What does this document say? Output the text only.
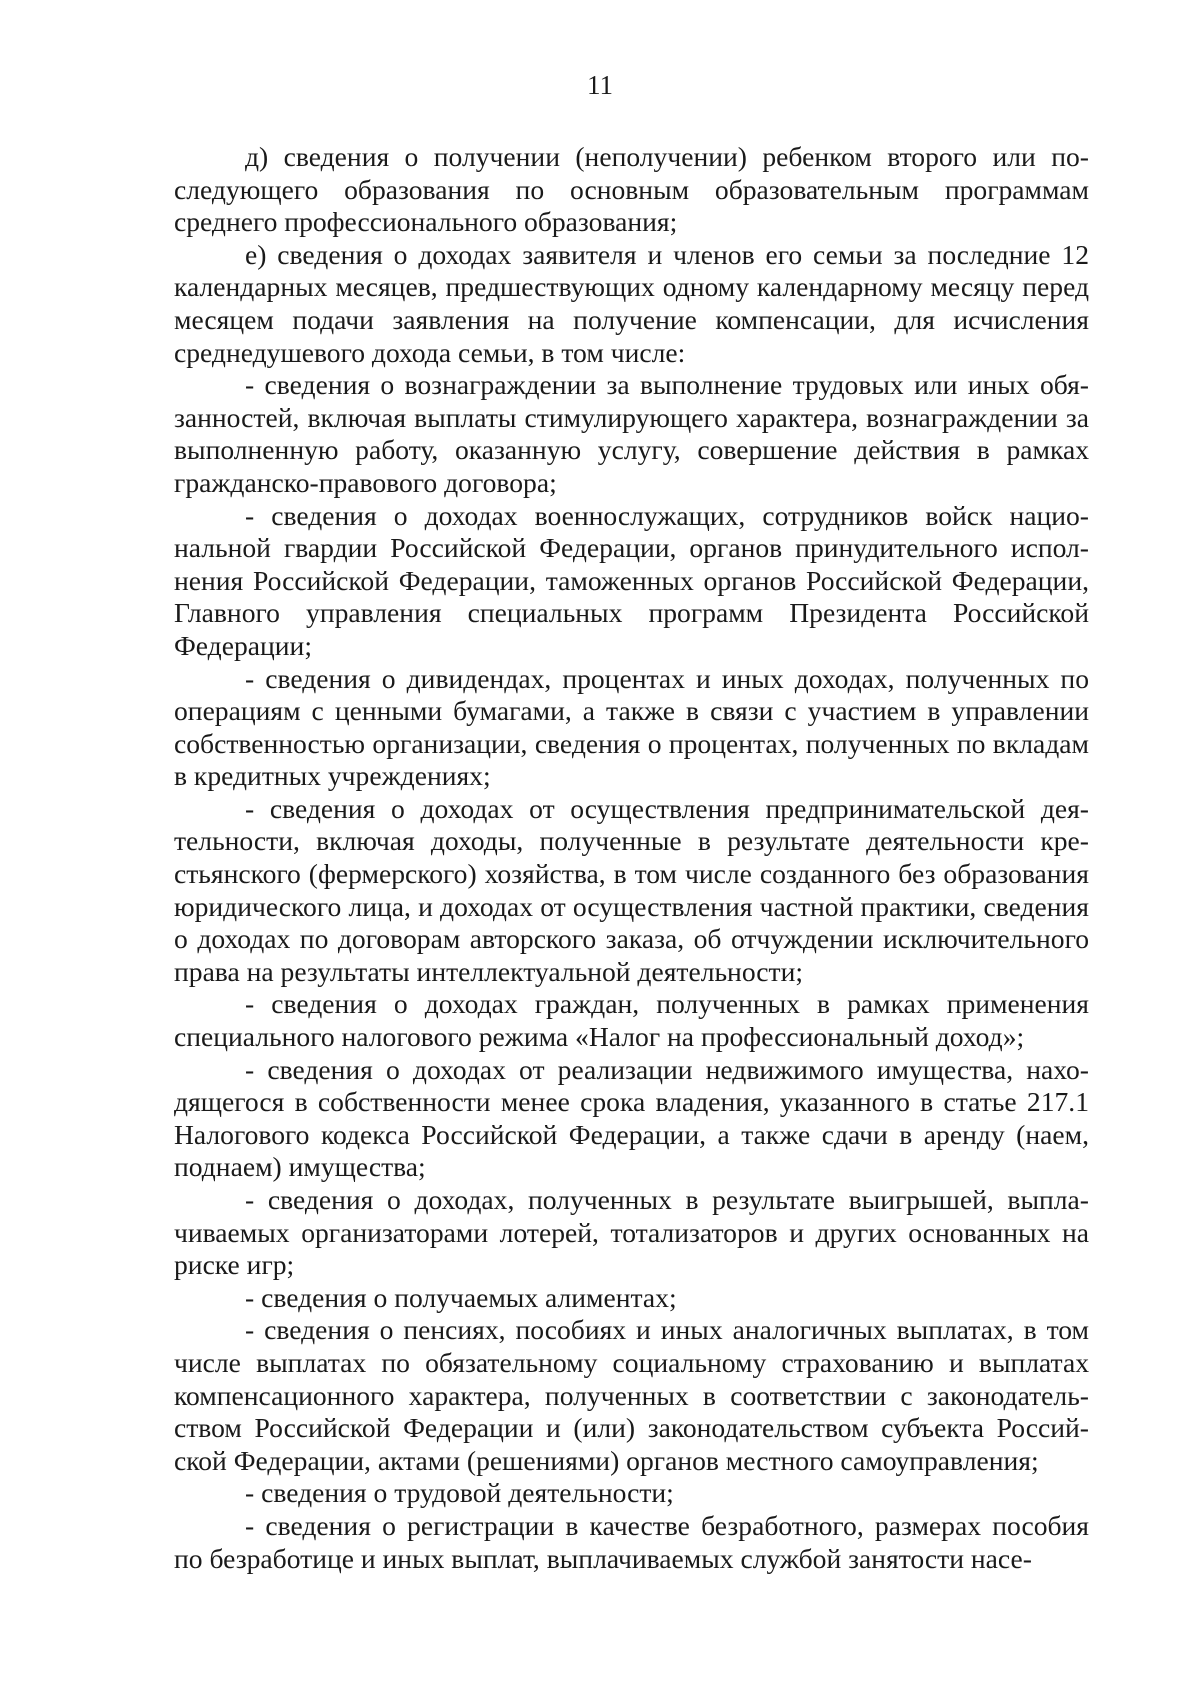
11

д) сведения о получении (неполучении) ребенком второго или последующего образования по основным образовательным программам среднего профессионального образования;

е) сведения о доходах заявителя и членов его семьи за последние 12 календарных месяцев, предшествующих одному календарному месяцу перед месяцем подачи заявления на получение компенсации, для исчисления среднедушевого дохода семьи, в том числе:

- сведения о вознаграждении за выполнение трудовых или иных обязанностей, включая выплаты стимулирующего характера, вознаграждении за выполненную работу, оказанную услугу, совершение действия в рамках гражданско-правового договора;

- сведения о доходах военнослужащих, сотрудников войск национальной гвардии Российской Федерации, органов принудительного исполнения Российской Федерации, таможенных органов Российской Федерации, Главного управления специальных программ Президента Российской Федерации;

- сведения о дивидендах, процентах и иных доходах, полученных по операциям с ценными бумагами, а также в связи с участием в управлении собственностью организации, сведения о процентах, полученных по вкладам в кредитных учреждениях;

- сведения о доходах от осуществления предпринимательской деятельности, включая доходы, полученные в результате деятельности крестьянского (фермерского) хозяйства, в том числе созданного без образования юридического лица, и доходах от осуществления частной практики, сведения о доходах по договорам авторского заказа, об отчуждении исключительного права на результаты интеллектуальной деятельности;

- сведения о доходах граждан, полученных в рамках применения специального налогового режима «Налог на профессиональный доход»;

- сведения о доходах от реализации недвижимого имущества, находящегося в собственности менее срока владения, указанного в статье 217.1 Налогового кодекса Российской Федерации, а также сдачи в аренду (наем, поднаем) имущества;

- сведения о доходах, полученных в результате выигрышей, выплачиваемых организаторами лотерей, тотализаторов и других основанных на риске игр;

- сведения о получаемых алиментах;

- сведения о пенсиях, пособиях и иных аналогичных выплатах, в том числе выплатах по обязательному социальному страхованию и выплатах компенсационного характера, полученных в соответствии с законодательством Российской Федерации и (или) законодательством субъекта Российской Федерации, актами (решениями) органов местного самоуправления;

- сведения о трудовой деятельности;

- сведения о регистрации в качестве безработного, размерах пособия по безработице и иных выплат, выплачиваемых службой занятости насе-
